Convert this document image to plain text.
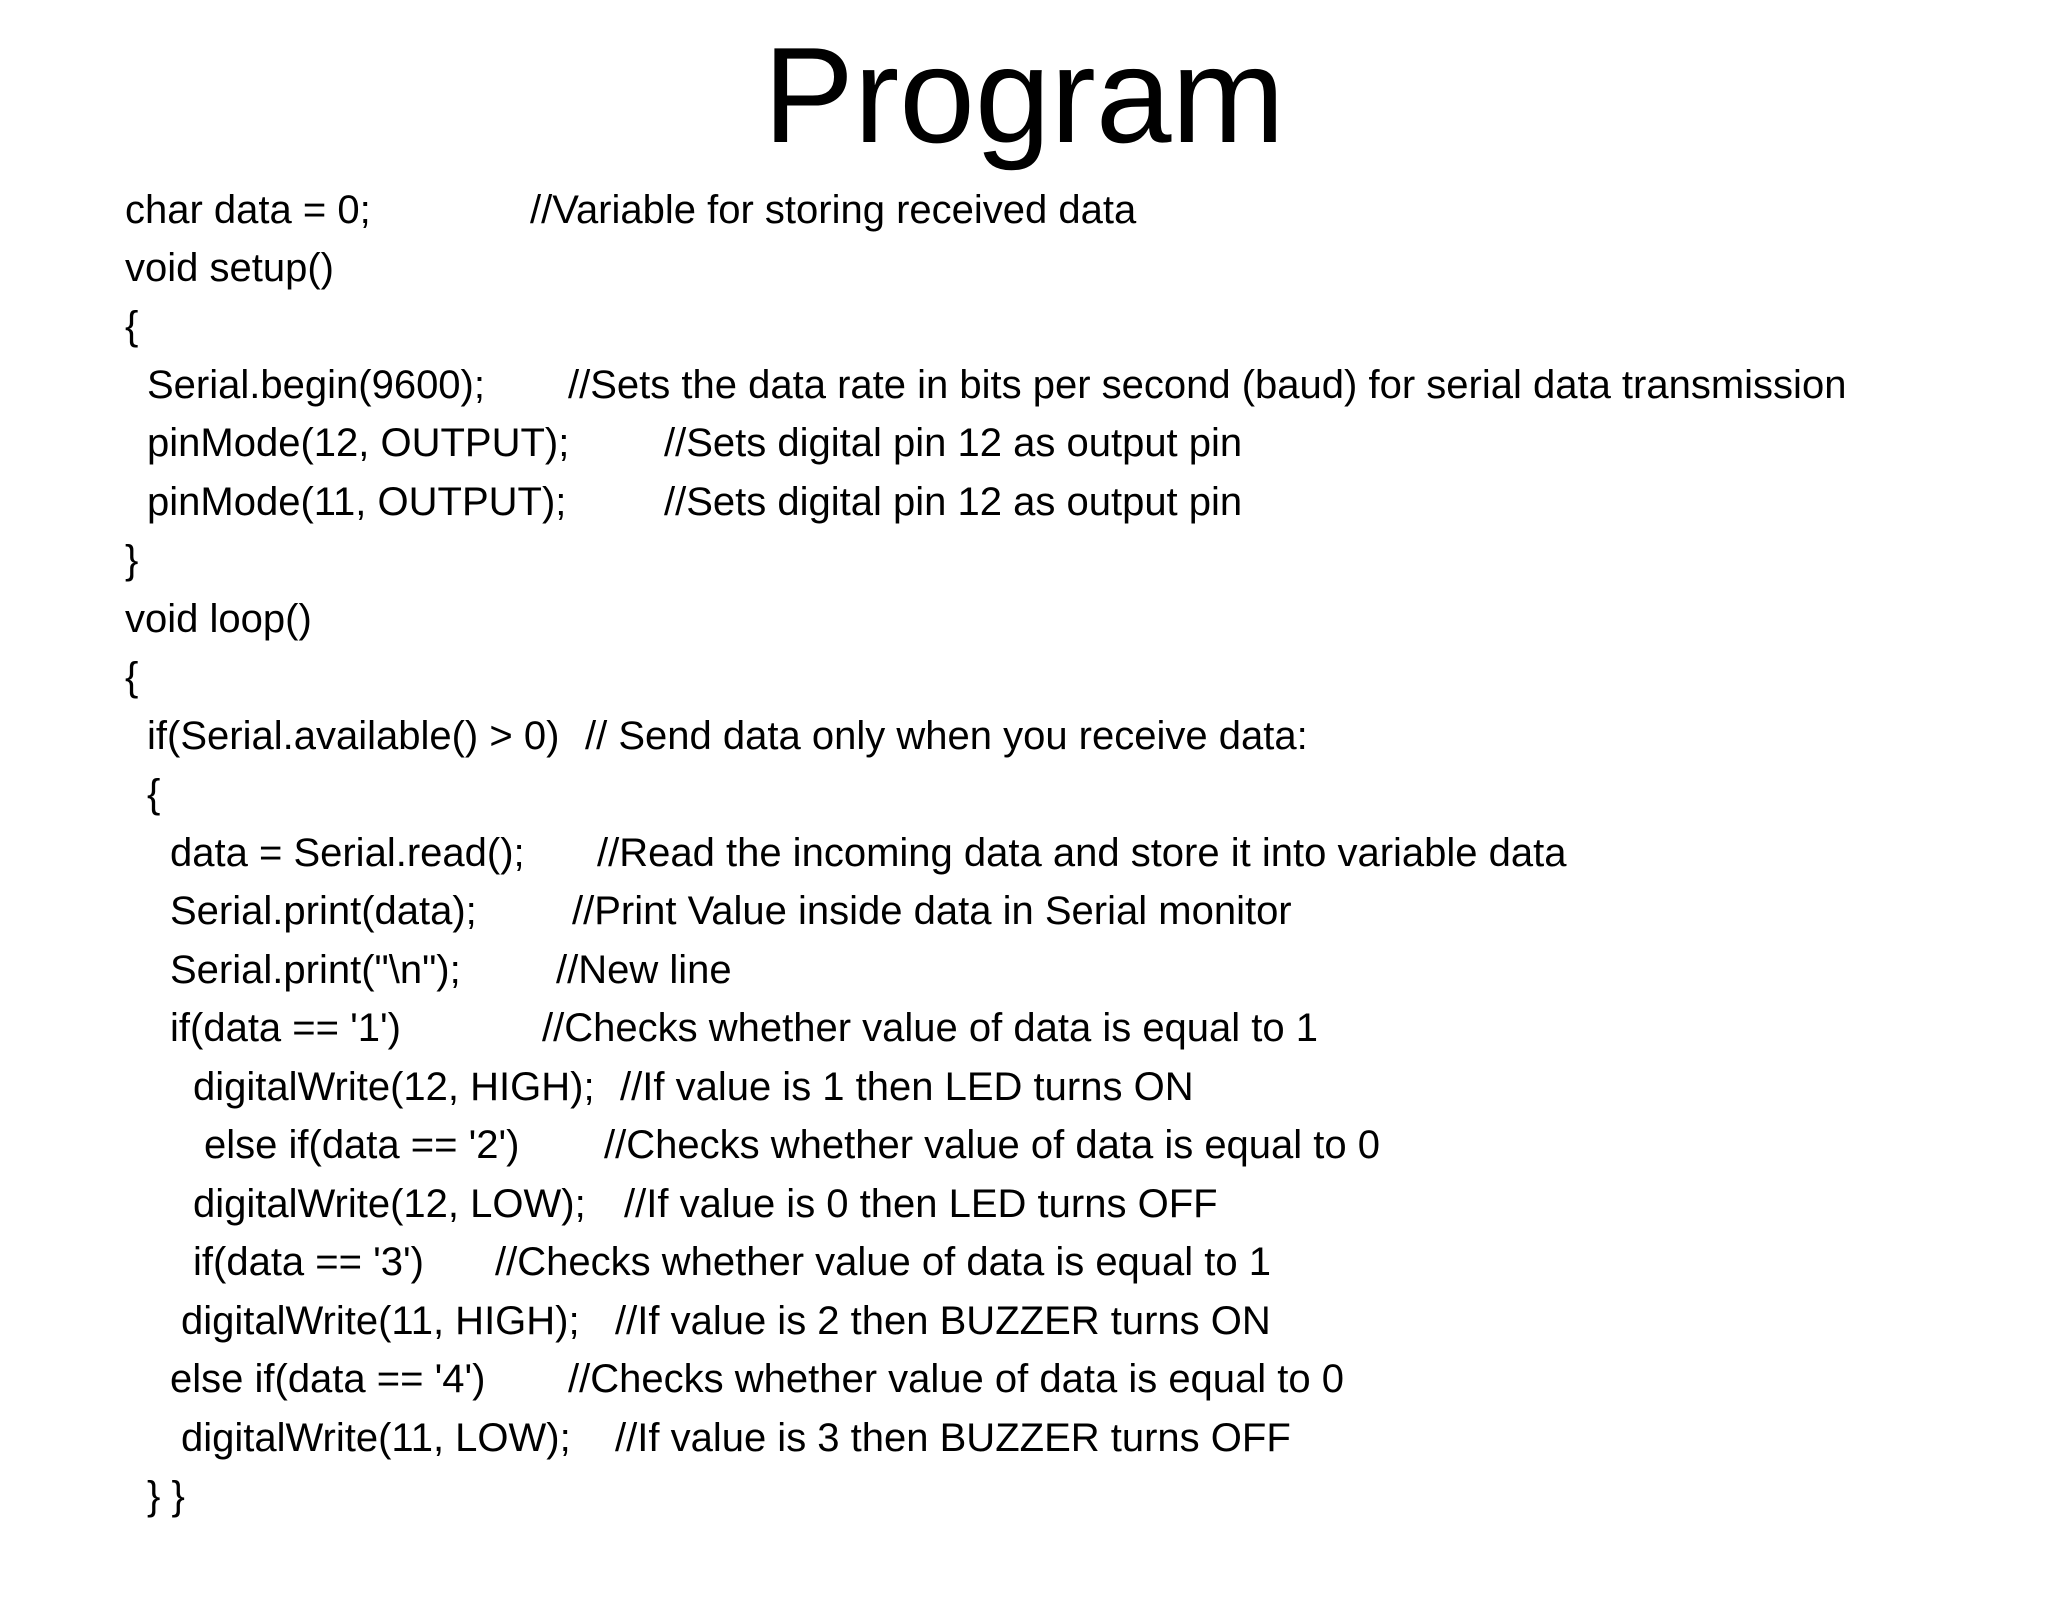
Program

char data = 0;

	//Variable for storing received data

void setup()

{

Serial.begin(9600);

//Sets the data rate in bits per second (baud) for serial data transmission

pinMode(12, OUTPUT);

//Sets digital pin 12 as output pin

pinMode(11, OUTPUT);

//Sets digital pin 12 as output pin

}

void loop()

{

if(Serial.available() > 0)

// Send data only when you receive data:

{

data = Serial.read();

//Read the incoming data and store it into variable data

Serial.print(data);

//Print Value inside data in Serial monitor

Serial.print("\n");

//New line

if(data == '1')

	//Checks whether value of data is equal to 1

digitalWrite(12, HIGH);

//If value is 1 then LED turns ON

else if(data == '2')

//Checks whether value of data is equal to 0

digitalWrite(12, LOW);

//If value is 0 then LED turns OFF

if(data == '3')

//Checks whether value of data is equal to 1

digitalWrite(11, HIGH);

//If value is 2 then BUZZER turns ON

else if(data == '4')

//Checks whether value of data is equal to 0

digitalWrite(11, LOW);

//If value is 3 then BUZZER turns OFF

} }
